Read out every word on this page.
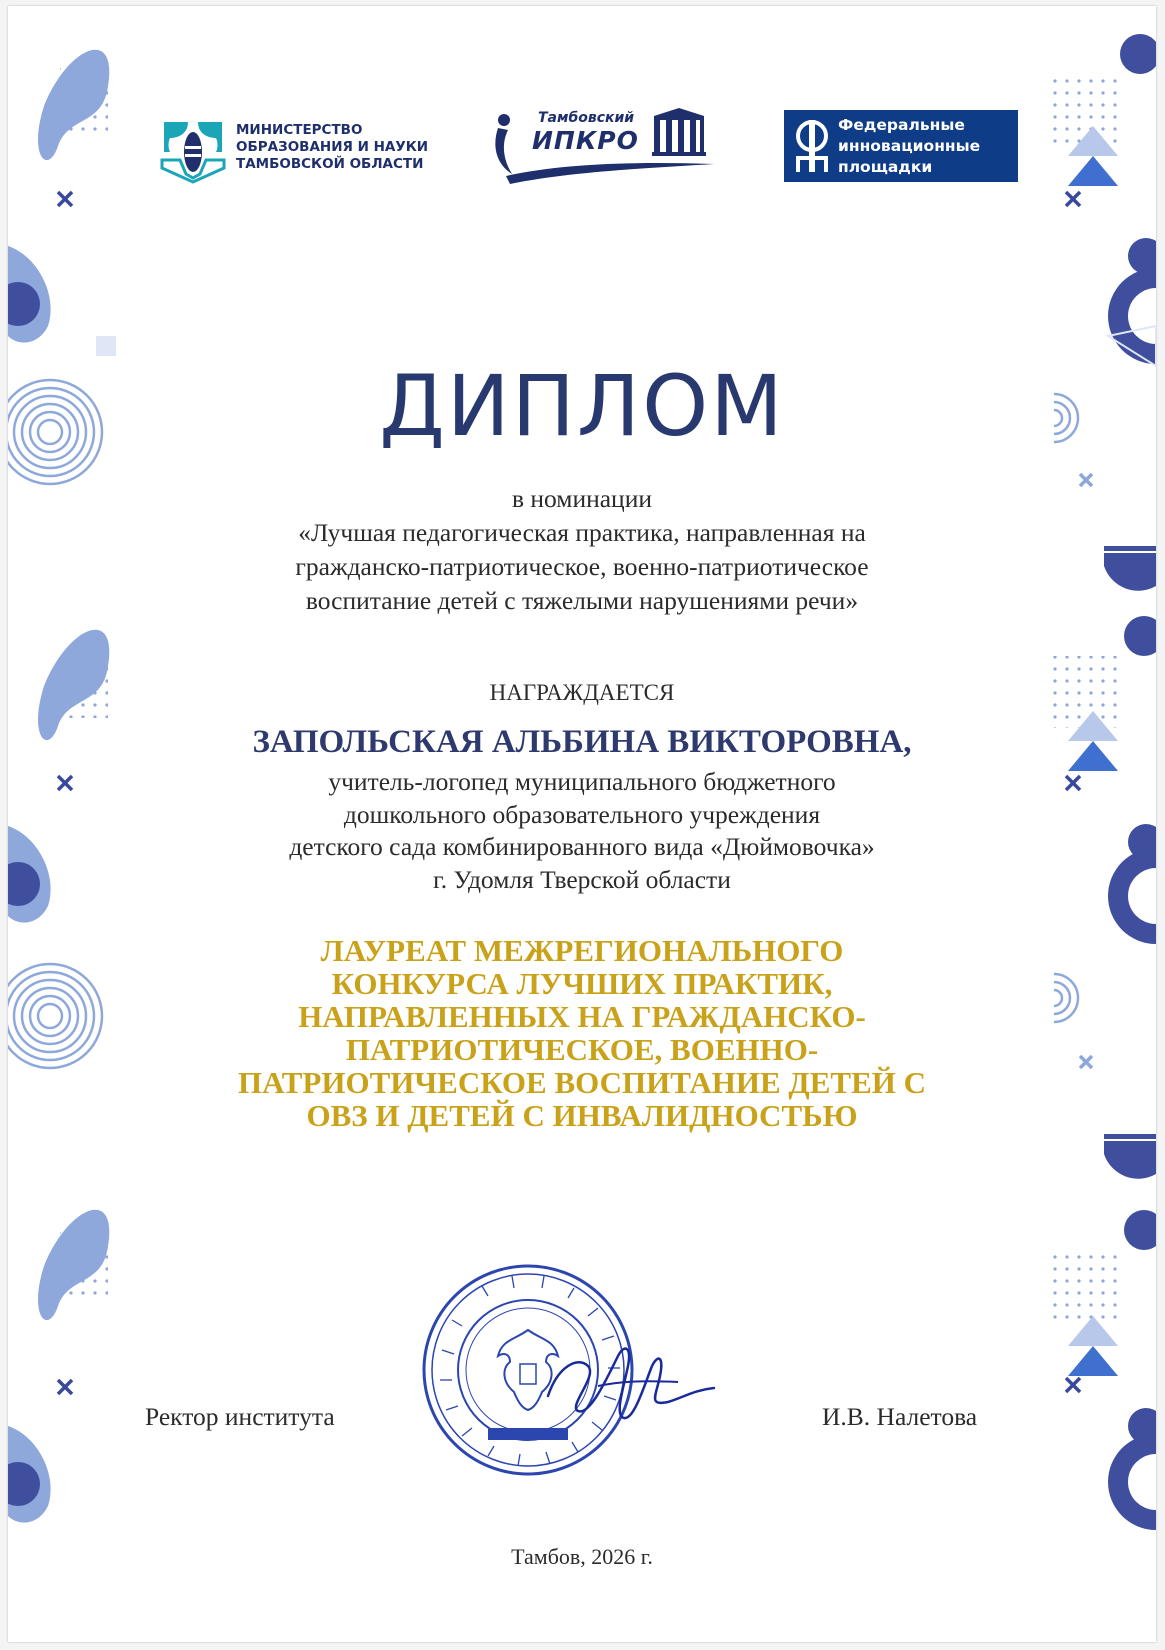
МИНИСТЕРСТВО
ОБРАЗОВАНИЯ И НАУКИ
ТАМБОВСКОЙ ОБЛАСТИ
Тамбовский
ИПКРО
Федеральные
инновационные
площадки
ДИПЛОМ
в номинации
«Лучшая педагогическая практика, направленная на
гражданско-патриотическое, военно-патриотическое
воспитание детей с тяжелыми нарушениями речи»
НАГРАЖДАЕТСЯ
ЗАПОЛЬСКАЯ АЛЬБИНА ВИКТОРОВНА,
учитель-логопед муниципального бюджетного
дошкольного образовательного учреждения
детского сада комбинированного вида «Дюймовочка»
г. Удомля Тверской области
ЛАУРЕАТ МЕЖРЕГИОНАЛЬНОГО
КОНКУРСА ЛУЧШИХ ПРАКТИК,
НАПРАВЛЕННЫХ НА ГРАЖДАНСКО-
ПАТРИОТИЧЕСКОЕ, ВОЕННО-
ПАТРИОТИЧЕСКОЕ ВОСПИТАНИЕ ДЕТЕЙ С
ОВЗ И ДЕТЕЙ С ИНВАЛИДНОСТЬЮ
Ректор института	И.В. Налетова
Тамбов, 2026 г.
